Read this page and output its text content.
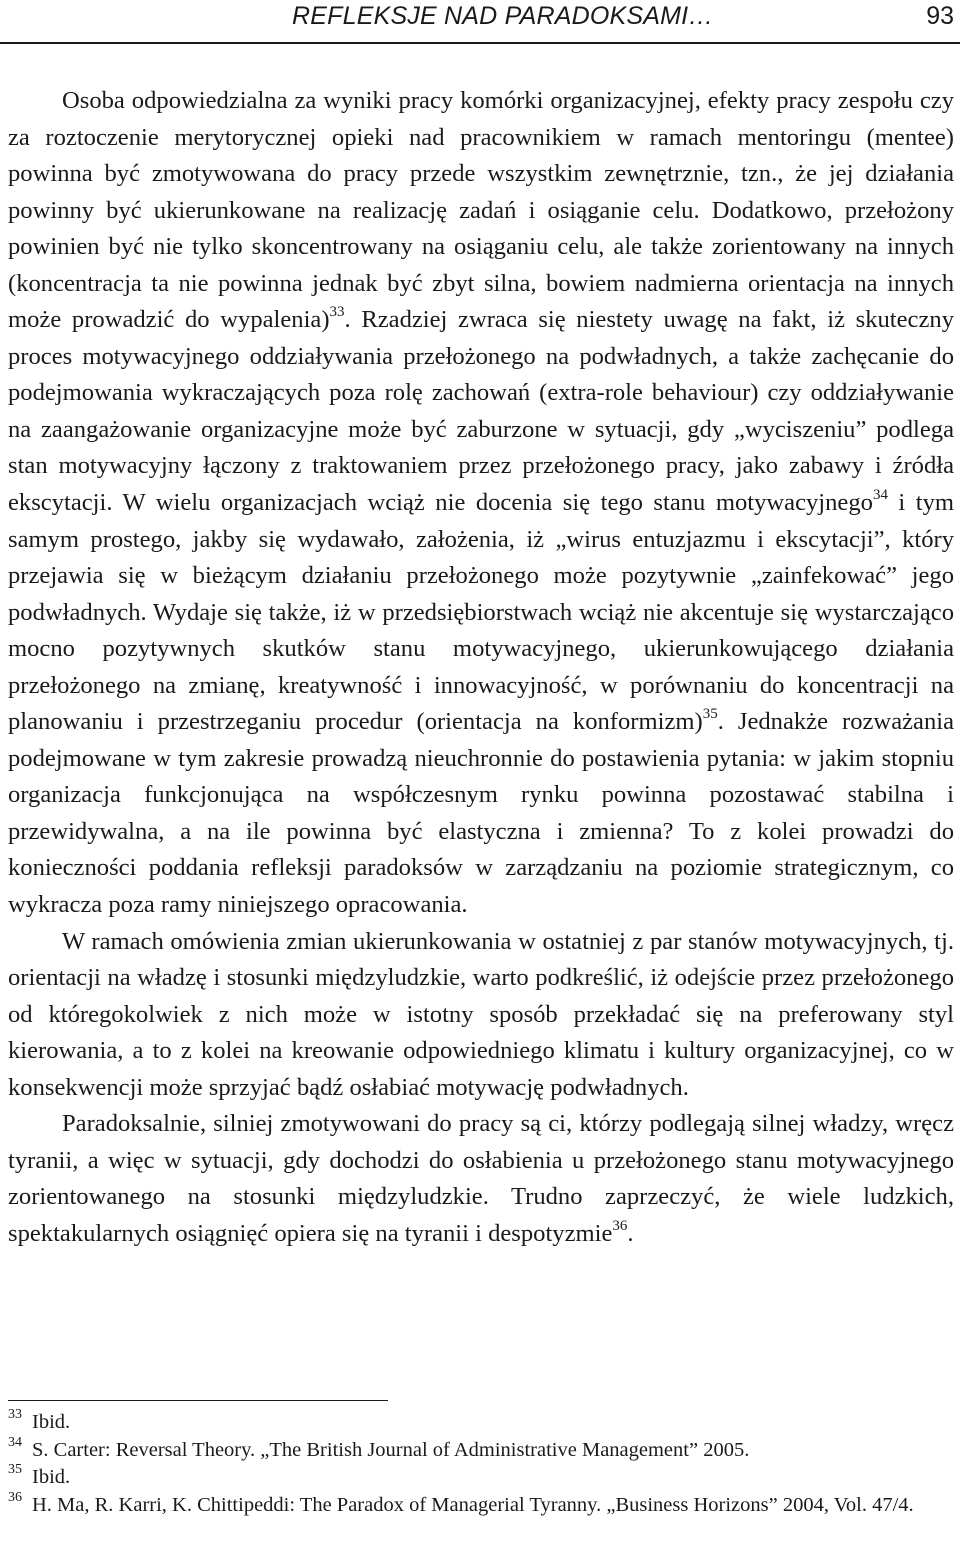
REFLEKSJE NAD PARADOKSAMI…	93

Osoba odpowiedzialna za wyniki pracy komórki organizacyjnej, efekty pracy zespołu czy za roztoczenie merytorycznej opieki nad pracownikiem w ramach mentoringu (mentee) powinna być zmotywowana do pracy przede wszystkim zewnętrznie, tzn., że jej działania powinny być ukierunkowane na realizację zadań i osiąganie celu. Dodatkowo, przełożony powinien być nie tylko skoncentrowany na osiąganiu celu, ale także zorientowany na innych (koncentracja ta nie powinna jednak być zbyt silna, bowiem nadmierna orientacja na innych może prowadzić do wypalenia)$^{33}$. Rzadziej zwraca się niestety uwagę na fakt, iż skuteczny proces motywacyjnego oddziaływania przełożonego na podwładnych, a także zachęcanie do podejmowania wykraczających poza rolę zachowań (extra-role behaviour) czy oddziaływanie na zaangażowanie organizacyjne może być zaburzone w sytuacji, gdy „wyciszeniu” podlega stan motywacyjny łączony z traktowaniem przez przełożonego pracy, jako zabawy i źródła ekscytacji. W wielu organizacjach wciąż nie docenia się tego stanu motywacyjnego$^{34}$ i tym samym prostego, jakby się wydawało, założenia, iż „wirus entuzjazmu i ekscytacji”, który przejawia się w bieżącym działaniu przełożonego może pozytywnie „zainfekować” jego podwładnych. Wydaje się także, iż w przedsiębiorstwach wciąż nie akcentuje się wystarczająco mocno pozytywnych skutków stanu motywacyjnego, ukierunkowującego działania przełożonego na zmianę, kreatywność i innowacyjność, w porównaniu do koncentracji na planowaniu i przestrzeganiu procedur (orientacja na konformizm)$^{35}$. Jednakże rozważania podejmowane w tym zakresie prowadzą nieuchronnie do postawienia pytania: w jakim stopniu organizacja funkcjonująca na współczesnym rynku powinna pozostawać stabilna i przewidywalna, a na ile powinna być elastyczna i zmienna? To z kolei prowadzi do konieczności poddania refleksji paradoksów w zarządzaniu na poziomie strategicznym, co wykracza poza ramy niniejszego opracowania.

W ramach omówienia zmian ukierunkowania w ostatniej z par stanów motywacyjnych, tj. orientacji na władzę i stosunki międzyludzkie, warto podkreślić, iż odejście przez przełożonego od któregokolwiek z nich może w istotny sposób przekładać się na preferowany styl kierowania, a to z kolei na kreowanie odpowiedniego klimatu i kultury organizacyjnej, co w konsekwencji może sprzyjać bądź osłabiać motywację podwładnych.

Paradoksalnie, silniej zmotywowani do pracy są ci, którzy podlegają silnej władzy, wręcz tyranii, a więc w sytuacji, gdy dochodzi do osłabienia u przełożonego stanu motywacyjnego zorientowanego na stosunki międzyludzkie. Trudno zaprzeczyć, że wiele ludzkich, spektakularnych osiągnięć opiera się na tyranii i despotyzmie$^{36}$.

33 Ibid.
34 S. Carter: Reversal Theory. „The British Journal of Administrative Management” 2005.
35 Ibid.
36 H. Ma, R. Karri, K. Chittipeddi: The Paradox of Managerial Tyranny. „Business Horizons” 2004, Vol. 47/4.
